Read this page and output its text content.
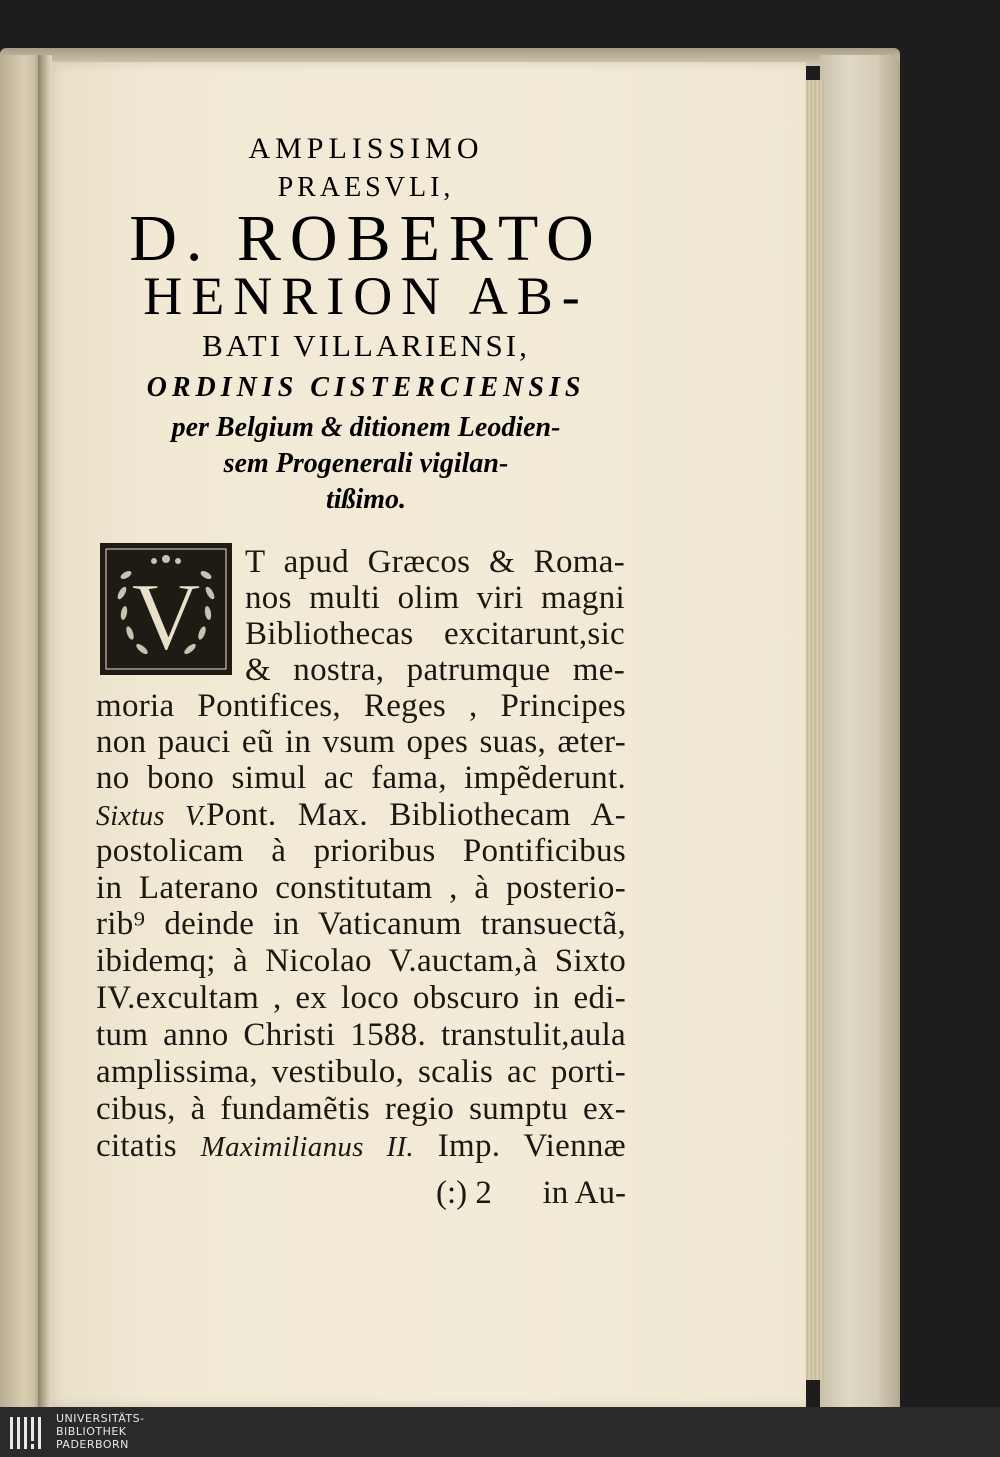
AMPLISSIMO
PRAESVLI,
D. ROBERTO
HENRION AB-
BATI VILLARIENSI,
ORDINIS CISTERCIENSIS
per Belgium & ditionem Leodien-
sem Progenerali vigilan-
tißimo.
V
T apud Græcos & Roma-
nos multi olim viri magni
Bibliothecas excitarunt,sic
& nostra, patrumque me-
moria Pontifices, Reges , Principes
non pauci eũ in vsum opes suas, æter-
no bono simul ac fama, impẽderunt.
Sixtus V.Pont. Max. Bibliothecam A-
postolicam à prioribus Pontificibus
in Laterano constitutam , à posterio-
rib⁹ deinde in Vaticanum transuectã,
ibidemq; à Nicolao V.auctam,à Sixto
IV.excultam , ex loco obscuro in edi-
tum anno Christi 1588. transtulit,aula
amplissima, vestibulo, scalis ac porti-
cibus, à fundamẽtis regio sumptu ex-
citatis Maximilianus II. Imp. Viennæ
(:) 2 in Au-
UNIVERSITÄTS-
BIBLIOTHEK
PADERBORN
